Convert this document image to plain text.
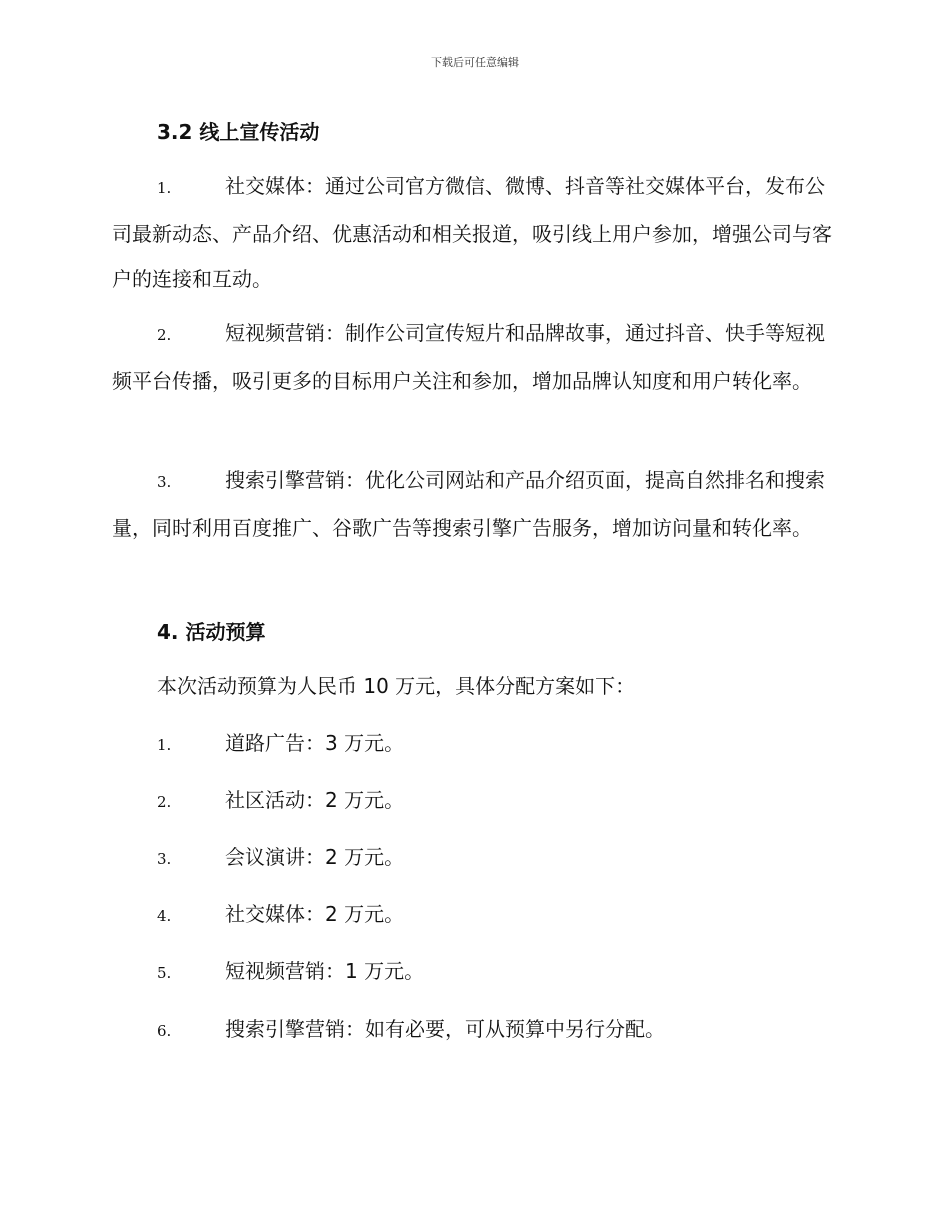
下载后可任意编辑
3.2 线上宣传活动
1.	社交媒体：通过公司官方微信、微博、抖音等社交媒体平台，发布公司最新动态、产品介绍、优惠活动和相关报道，吸引线上用户参加，增强公司与客户的连接和互动。
2.	短视频营销：制作公司宣传短片和品牌故事，通过抖音、快手等短视频平台传播，吸引更多的目标用户关注和参加，增加品牌认知度和用户转化率。
3.	搜索引擎营销：优化公司网站和产品介绍页面，提高自然排名和搜索量，同时利用百度推广、谷歌广告等搜索引擎广告服务，增加访问量和转化率。
4. 活动预算
本次活动预算为人民币 10 万元，具体分配方案如下：
1.	道路广告：3 万元。
2.	社区活动：2 万元。
3.	会议演讲：2 万元。
4.	社交媒体：2 万元。
5.	短视频营销：1 万元。
6.	搜索引擎营销：如有必要，可从预算中另行分配。
